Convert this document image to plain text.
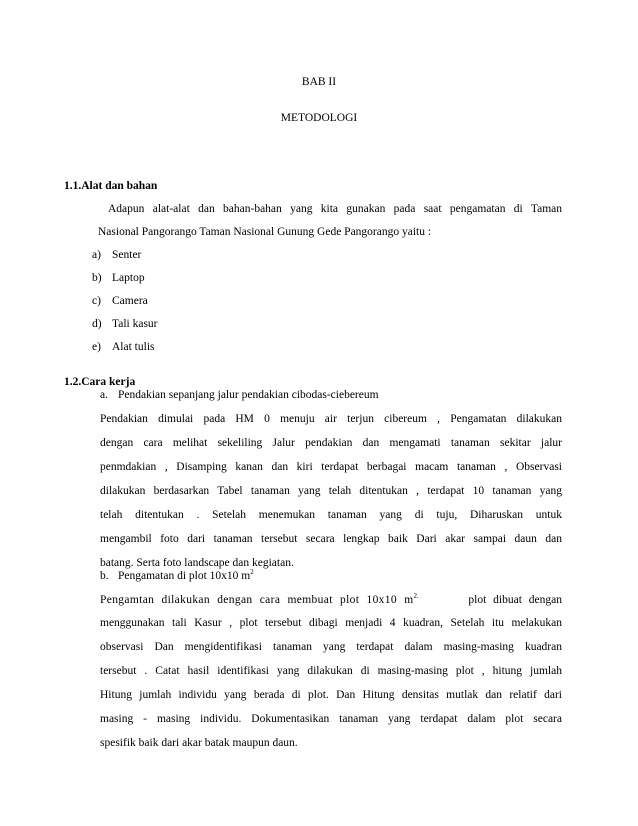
BAB II
METODOLOGI
1.1.Alat dan bahan
Adapun alat-alat dan bahan-bahan yang kita gunakan pada saat pengamatan di Taman
Nasional Pangorango Taman Nasional Gunung Gede Pangorango yaitu :
a) Senter
b) Laptop
c) Camera
d) Tali kasur
e) Alat tulis
1.2.Cara kerja
a. Pendakian sepanjang jalur pendakian cibodas-ciebereum
Pendakian dimulai pada HM 0 menuju air terjun cibereum , Pengamatan dilakukan
dengan cara melihat sekeliling Jalur pendakian dan mengamati tanaman sekitar jalur
penmdakian , Disamping kanan dan kiri terdapat berbagai macam tanaman , Observasi
dilakukan berdasarkan Tabel tanaman yang telah ditentukan , terdapat 10 tanaman yang
telah ditentukan . Setelah menemukan tanaman yang di tuju, Diharuskan untuk
mengambil foto dari tanaman tersebut secara lengkap baik Dari akar sampai daun dan
batang. Serta foto landscape dan kegiatan.
b. Pengamatan di plot 10x10 $m^2$
Pengamtan dilakukan dengan cara membuat plot 10x10 $m^{2.}$	plot dibuat dengan
menggunakan tali Kasur , plot tersebut dibagi menjadi 4 kuadran, Setelah itu melakukan
observasi Dan mengidentifikasi tanaman yang terdapat dalam masing-masing kuadran
tersebut . Catat hasil identifikasi yang dilakukan di masing-masing plot , hitung jumlah
Hitung jumlah individu yang berada di plot. Dan Hitung densitas mutlak dan relatif dari
masing - masing individu. Dokumentasikan tanaman yang terdapat dalam plot secara
spesifik baik dari akar batak maupun daun.
